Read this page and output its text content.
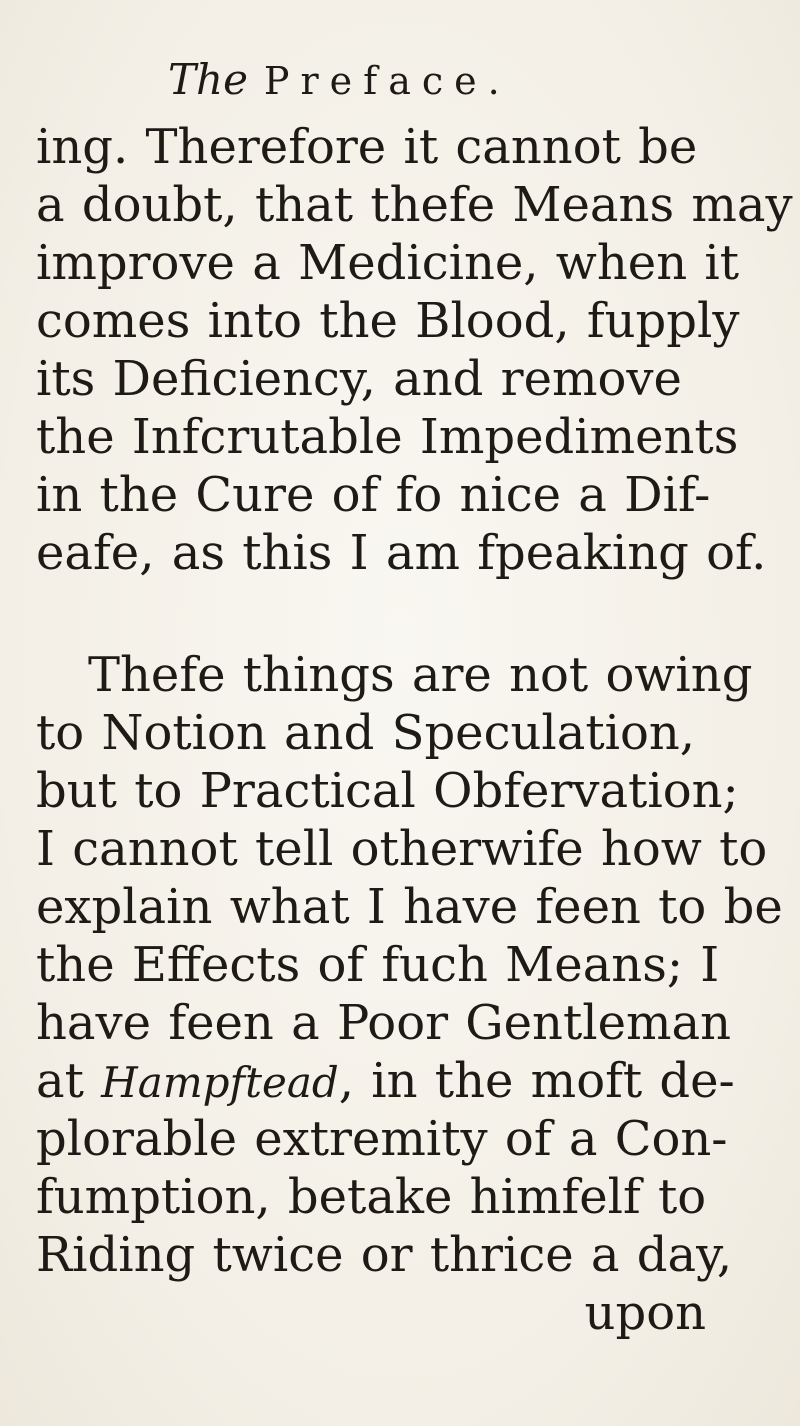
The Preface.
ing. Therefore it cannot be
a doubt, that thefe Means may
improve a Medicine, when it
comes into the Blood, fupply
its Deficiency, and remove
the Infcrutable Impediments
in the Cure of fo nice a Dif-
eafe, as this I am fpeaking of.
Thefe things are not owing
to Notion and Speculation,
but to Practical Obfervation;
I cannot tell otherwife how to
explain what I have feen to be
the Effects of fuch Means; I
have feen a Poor Gentleman
at Hampftead, in the moft de-
plorable extremity of a Con-
fumption, betake himfelf to
Riding twice or thrice a day,
upon
